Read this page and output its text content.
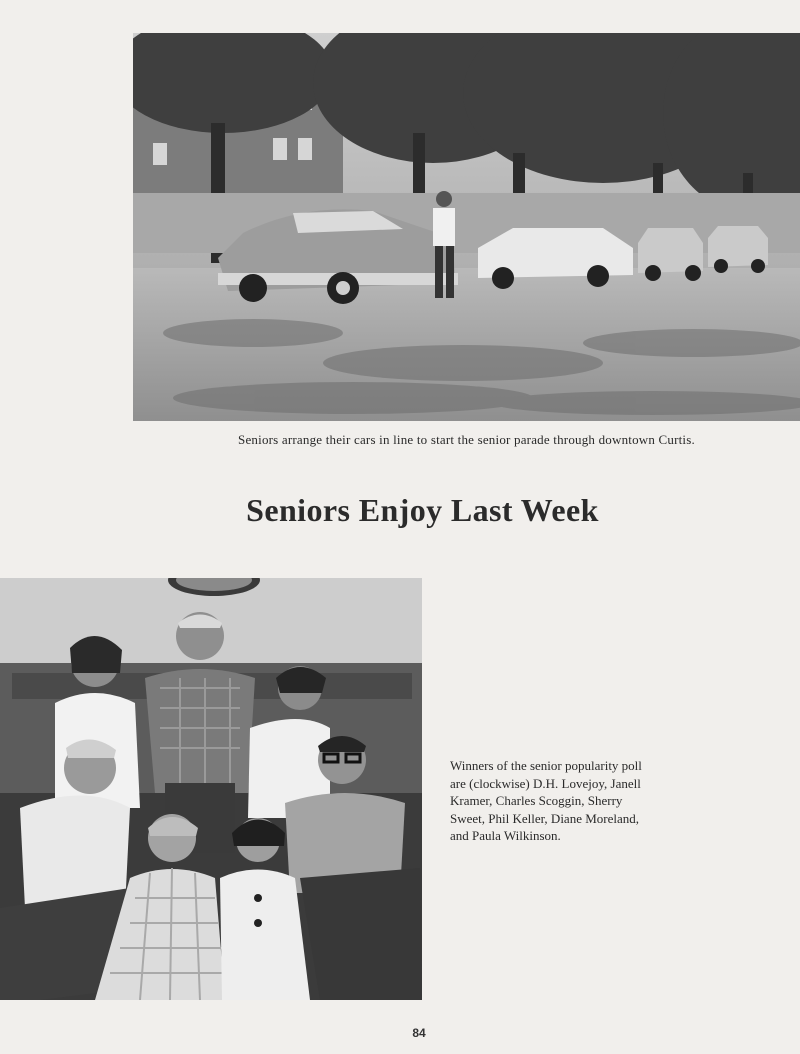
Seniors arrange their cars in line to start the senior parade through downtown Curtis.
Seniors Enjoy Last Week
Winners of the senior popularity poll
are (clockwise) D.H. Lovejoy, Janell
Kramer, Charles Scoggin, Sherry
Sweet, Phil Keller, Diane Moreland,
and Paula Wilkinson.
84
